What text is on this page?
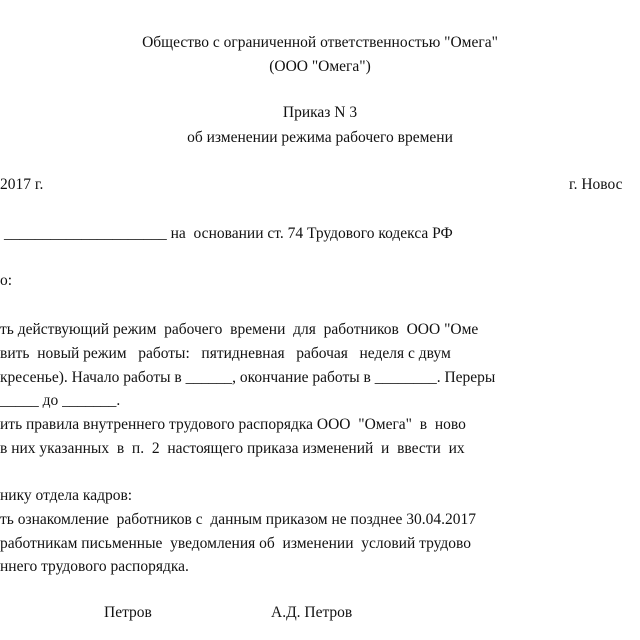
Общество с ограниченной ответственностью "Омега"
(ООО "Омега")
Приказ N 3
об изменении режима рабочего времени
2017 г.	г. Новос
_____________________ на  основании ст. 74 Трудового кодекса РФ
о:
ть действующий режим  рабочего  времени  для  работников  ООО "Оме
вить  новый режим   работы:   пятидневная   рабочая   неделя с двум
кресенье). Начало работы в ______, окончание работы в ________. Переры
_____ до _______.
ить правила внутреннего трудового распорядка ООО  "Омега"  в  ново
в них указанных  в  п.  2  настоящего приказа изменений  и  ввести  их
нику отдела кадров:
ть ознакомление  работников с  данным приказом не позднее 30.04.2017
работникам письменные  уведомления об  изменении  условий трудово
ннего трудового распорядка.
Петров	А.Д. Петров
